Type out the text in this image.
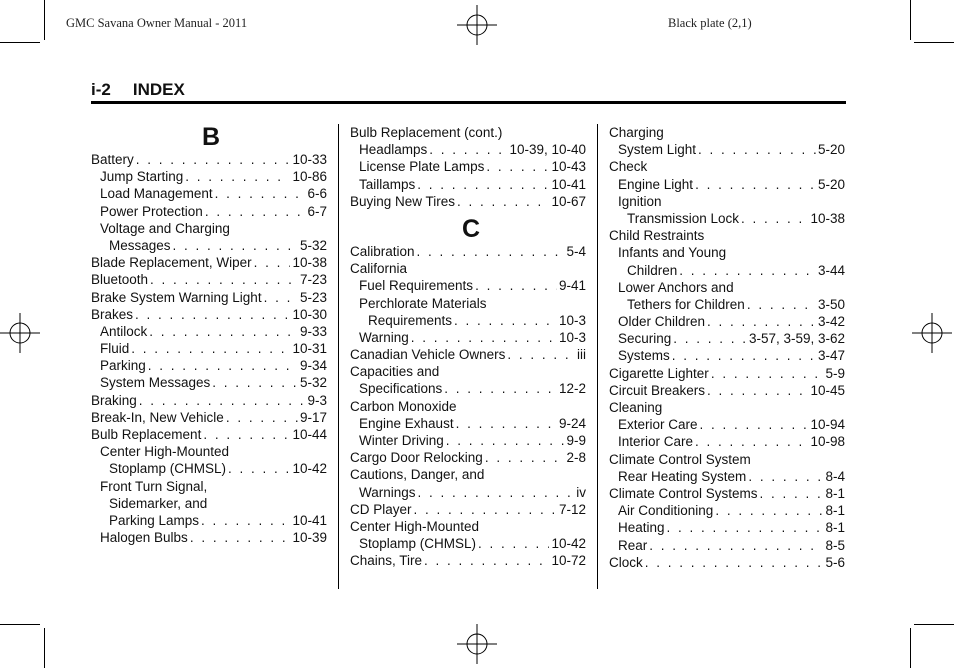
GMC Savana Owner Manual - 2011	Black plate (2,1)
i-2 INDEX
B
Battery . . .	10-33
Jump Starting . . .	10-86
Load Management . . .	6-6
Power Protection . . .	6-7
Voltage and Charging
Messages . . .	5-32
Blade Replacement, Wiper . . .	10-38
Bluetooth . . .	7-23
Brake System Warning Light . . .	5-23
Brakes . . .	10-30
Antilock . . .	9-33
Fluid . . .	10-31
Parking . . .	9-34
System Messages . . .	5-32
Braking . . .	9-3
Break-In, New Vehicle . . .	9-17
Bulb Replacement . . .	10-44
Center High-Mounted
Stoplamp (CHMSL) . . .	10-42
Front Turn Signal,
Sidemarker, and
Parking Lamps . . .	10-41
Halogen Bulbs . . .	10-39
Bulb Replacement (cont.)
Headlamps . . .	10-39, 10-40
License Plate Lamps . . .	10-43
Taillamps . . .	10-41
Buying New Tires . . .	10-67
C
Calibration . . .	5-4
California
Fuel Requirements . . .	9-41
Perchlorate Materials
Requirements . . .	10-3
Warning . . .	10-3
Canadian Vehicle Owners . . .	iii
Capacities and
Specifications . . .	12-2
Carbon Monoxide
Engine Exhaust . . .	9-24
Winter Driving . . .	9-9
Cargo Door Relocking . . .	2-8
Cautions, Danger, and
Warnings . . .	iv
CD Player . . .	7-12
Center High-Mounted
Stoplamp (CHMSL) . . .	10-42
Chains, Tire . . .	10-72
Charging
System Light . . .	5-20
Check
Engine Light . . .	5-20
Ignition
Transmission Lock . . .	10-38
Child Restraints
Infants and Young
Children . . .	3-44
Lower Anchors and
Tethers for Children . . .	3-50
Older Children . . .	3-42
Securing . . .	3-57, 3-59, 3-62
Systems . . .	3-47
Cigarette Lighter . . .	5-9
Circuit Breakers . . .	10-45
Cleaning
Exterior Care . . .	10-94
Interior Care . . .	10-98
Climate Control System
Rear Heating System . . .	8-4
Climate Control Systems . . .	8-1
Air Conditioning . . .	8-1
Heating . . .	8-1
Rear . . .	8-5
Clock . . .	5-6
